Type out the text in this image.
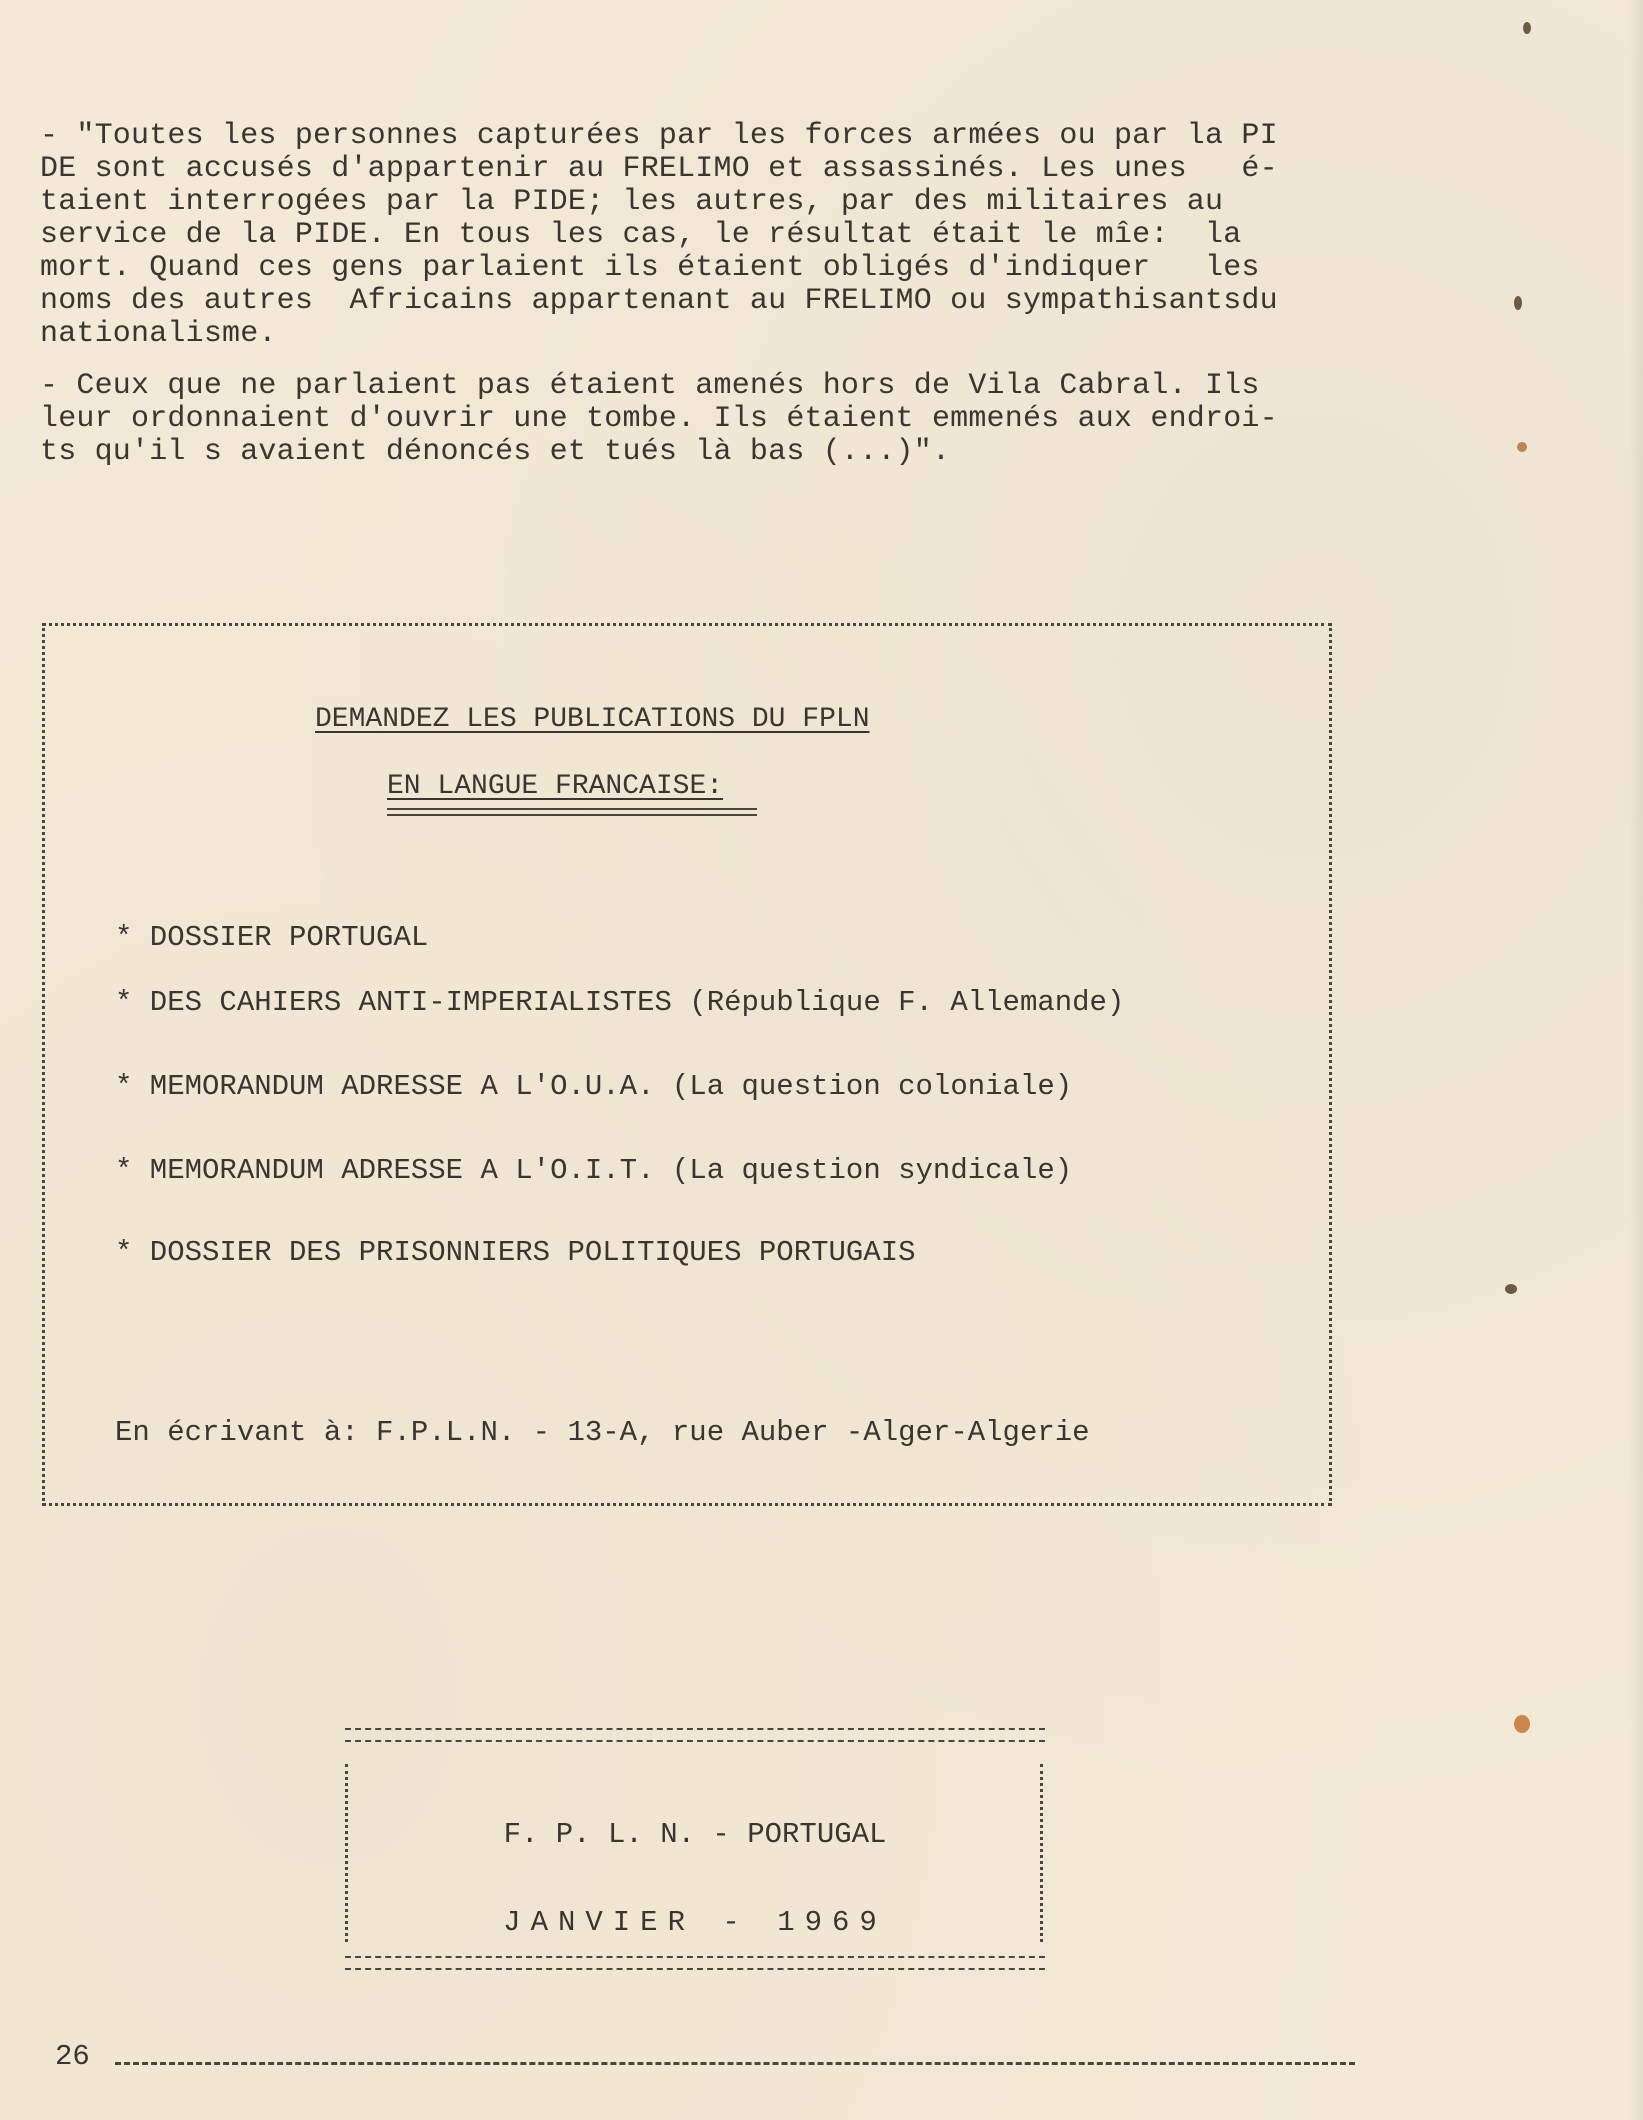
- "Toutes les personnes capturées par les forces armées ou par la PI
DE sont accusés d'appartenir au FRELIMO et assassinés. Les unes   é-
taient interrogées par la PIDE; les autres, par des militaires au
service de la PIDE. En tous les cas, le résultat était le mîe:  la
mort. Quand ces gens parlaient ils étaient obligés d'indiquer   les
noms des autres  Africains appartenant au FRELIMO ou sympathisantsdu
nationalisme.
- Ceux que ne parlaient pas étaient amenés hors de Vila Cabral. Ils
leur ordonnaient d'ouvrir une tombe. Ils étaient emmenés aux endroi-
ts qu'il s avaient dénoncés et tués là bas (...)".
DEMANDEZ LES PUBLICATIONS DU FPLN
EN LANGUE FRANCAISE:
* DOSSIER PORTUGAL
* DES CAHIERS ANTI-IMPERIALISTES (République F. Allemande)
* MEMORANDUM ADRESSE A L'O.U.A. (La question coloniale)
* MEMORANDUM ADRESSE A L'O.I.T. (La question syndicale)
* DOSSIER DES PRISONNIERS POLITIQUES PORTUGAIS
En écrivant à: F.P.L.N. - 13-A, rue Auber -Alger-Algerie
F. P. L. N. - PORTUGAL
JANVIER - 1969
26
